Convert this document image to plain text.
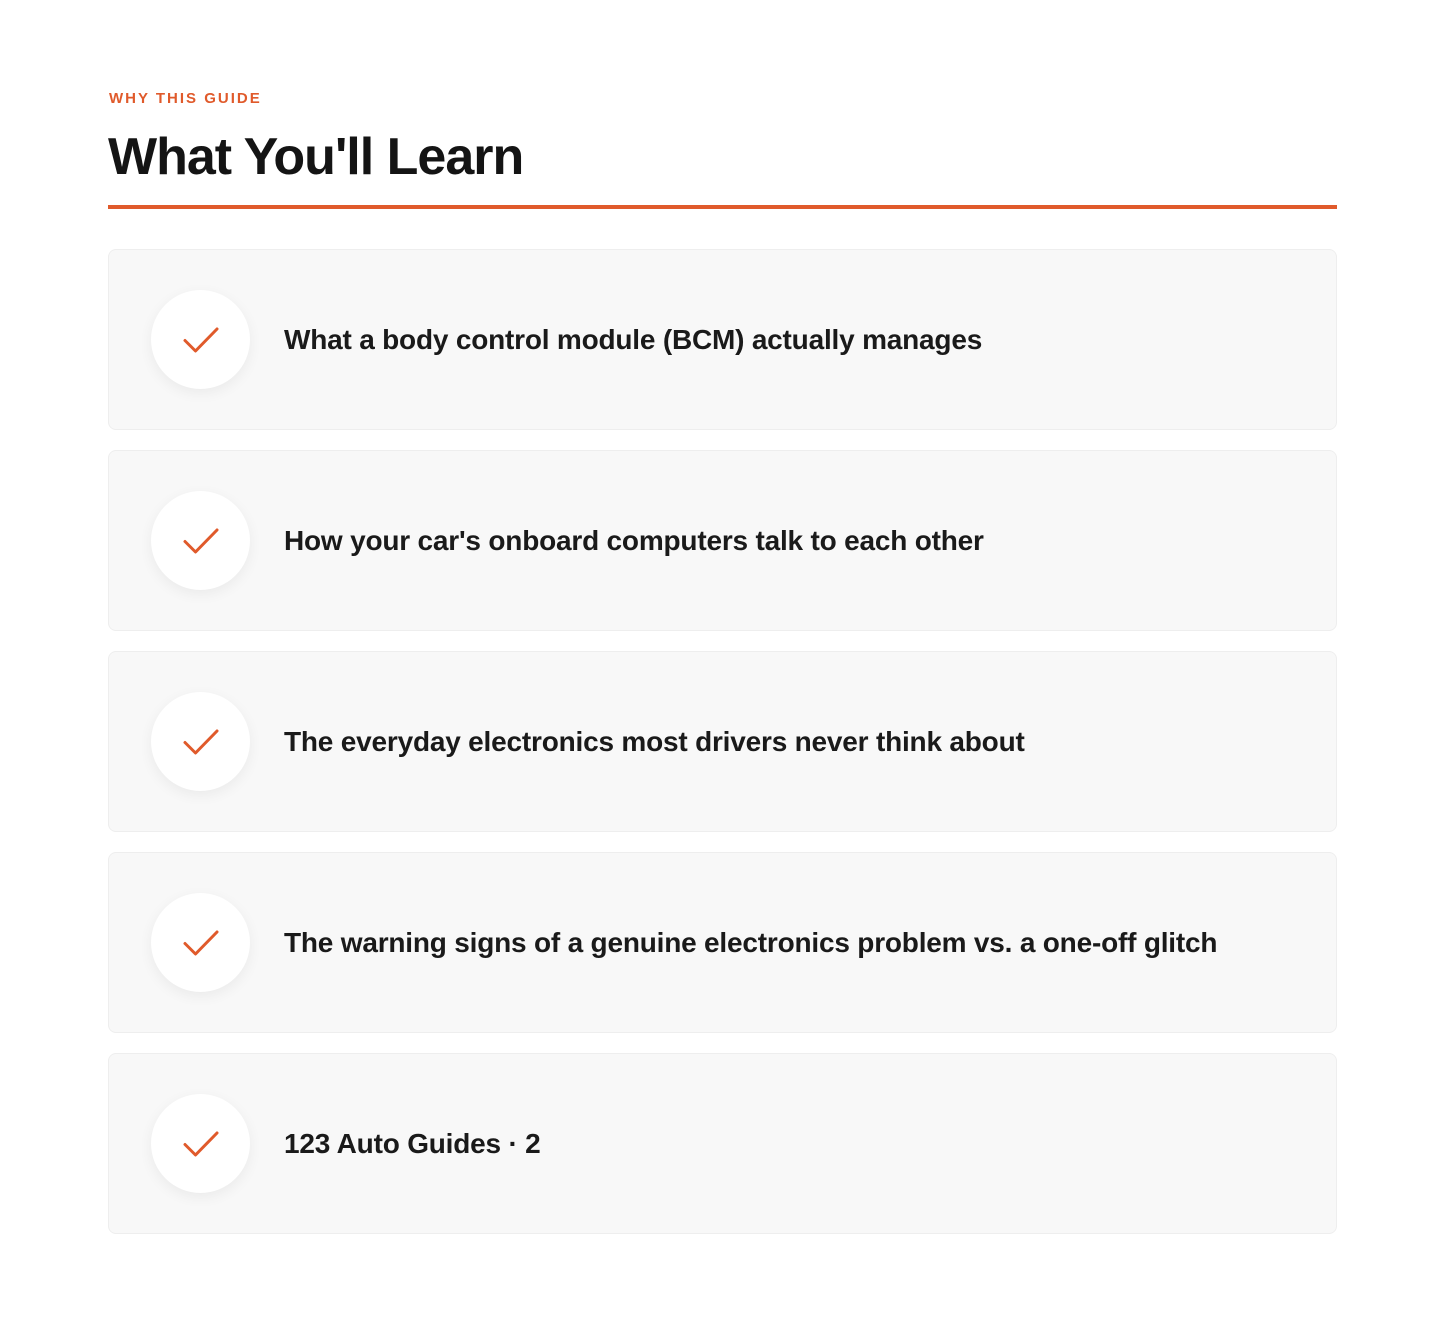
WHY THIS GUIDE
What You'll Learn
What a body control module (BCM) actually manages
How your car's onboard computers talk to each other
The everyday electronics most drivers never think about
The warning signs of a genuine electronics problem vs. a one-off glitch
123 Auto Guides · 2
